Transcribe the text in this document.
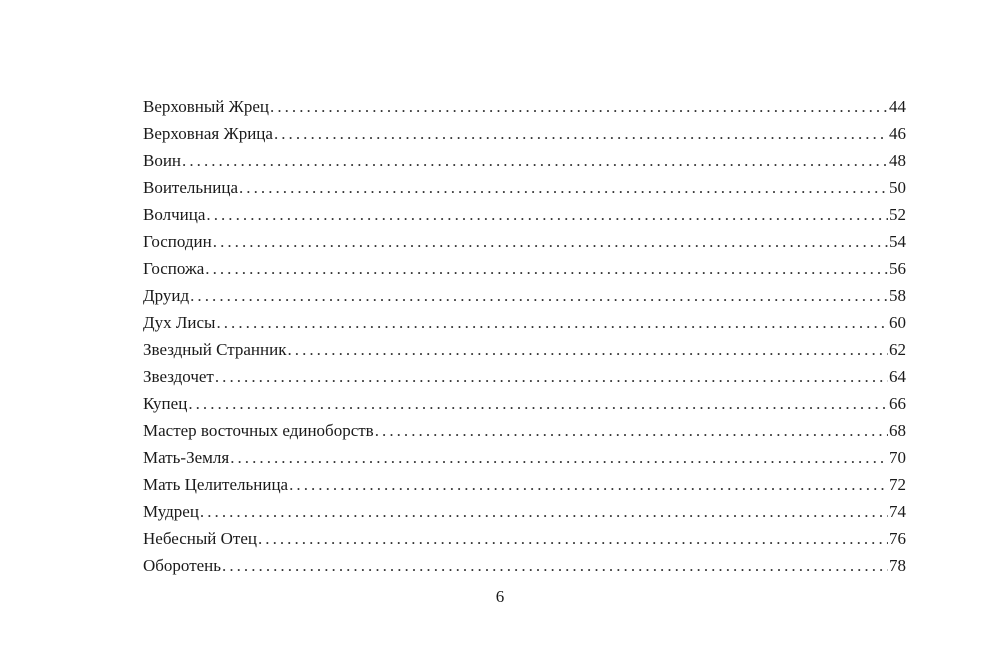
Верховный Жрец . . .	44
Верховная Жрица . . .	46
Воин . . .	48
Воительница . . .	50
Волчица . . .	52
Господин . . .	54
Госпожа . . .	56
Друид . . .	58
Дух Лисы . . .	60
Звездный Странник . . .	62
Звездочет . . .	64
Купец . . .	66
Мастер восточных единоборств . . .	68
Мать-Земля . . .	70
Мать Целительница . . .	72
Мудрец . . .	74
Небесный Отец . . .	76
Оборотень . . .	78
6
